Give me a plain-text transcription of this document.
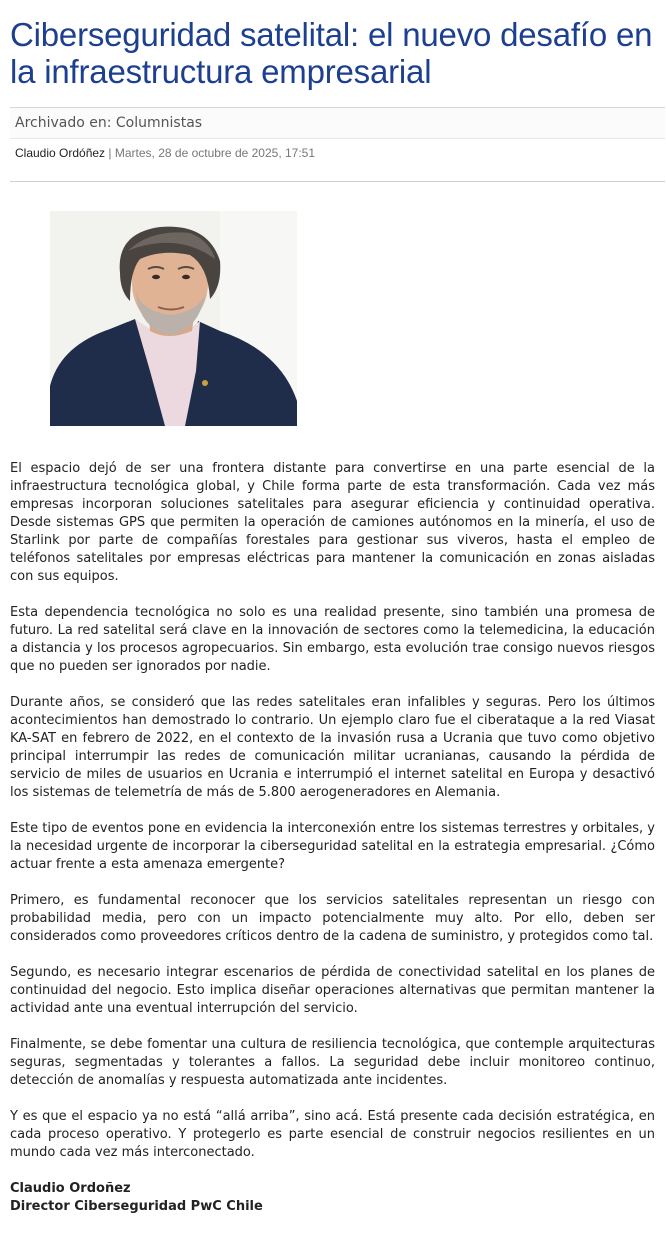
Ciberseguridad satelital: el nuevo desafío en la infraestructura empresarial
Archivado en: Columnistas
Claudio Ordóñez | Martes, 28 de octubre de 2025, 17:51

El espacio dejó de ser una frontera distante para convertirse en una parte esencial de la infraestructura tecnológica global, y Chile forma parte de esta transformación. Cada vez más empresas incorporan soluciones satelitales para asegurar eficiencia y continuidad operativa. Desde sistemas GPS que permiten la operación de camiones autónomos en la minería, el uso de Starlink por parte de compañías forestales para gestionar sus viveros, hasta el empleo de teléfonos satelitales por empresas eléctricas para mantener la comunicación en zonas aisladas con sus equipos.

Esta dependencia tecnológica no solo es una realidad presente, sino también una promesa de futuro. La red satelital será clave en la innovación de sectores como la telemedicina, la educación a distancia y los procesos agropecuarios. Sin embargo, esta evolución trae consigo nuevos riesgos que no pueden ser ignorados por nadie.

Durante años, se consideró que las redes satelitales eran infalibles y seguras. Pero los últimos acontecimientos han demostrado lo contrario. Un ejemplo claro fue el ciberataque a la red Viasat KA-SAT en febrero de 2022, en el contexto de la invasión rusa a Ucrania que tuvo como objetivo principal interrumpir las redes de comunicación militar ucranianas, causando la pérdida de servicio de miles de usuarios en Ucrania e interrumpió el internet satelital en Europa y desactivó los sistemas de telemetría de más de 5.800 aerogeneradores en Alemania.

Este tipo de eventos pone en evidencia la interconexión entre los sistemas terrestres y orbitales, y la necesidad urgente de incorporar la ciberseguridad satelital en la estrategia empresarial. ¿Cómo actuar frente a esta amenaza emergente?

Primero, es fundamental reconocer que los servicios satelitales representan un riesgo con probabilidad media, pero con un impacto potencialmente muy alto. Por ello, deben ser considerados como proveedores críticos dentro de la cadena de suministro, y protegidos como tal.

Segundo, es necesario integrar escenarios de pérdida de conectividad satelital en los planes de continuidad del negocio. Esto implica diseñar operaciones alternativas que permitan mantener la actividad ante una eventual interrupción del servicio.

Finalmente, se debe fomentar una cultura de resiliencia tecnológica, que contemple arquitecturas seguras, segmentadas y tolerantes a fallos. La seguridad debe incluir monitoreo continuo, detección de anomalías y respuesta automatizada ante incidentes.

Y es que el espacio ya no está “allá arriba”, sino acá. Está presente cada decisión estratégica, en cada proceso operativo. Y protegerlo es parte esencial de construir negocios resilientes en un mundo cada vez más interconectado.

Claudio Ordoñez
Director Ciberseguridad PwC Chile
